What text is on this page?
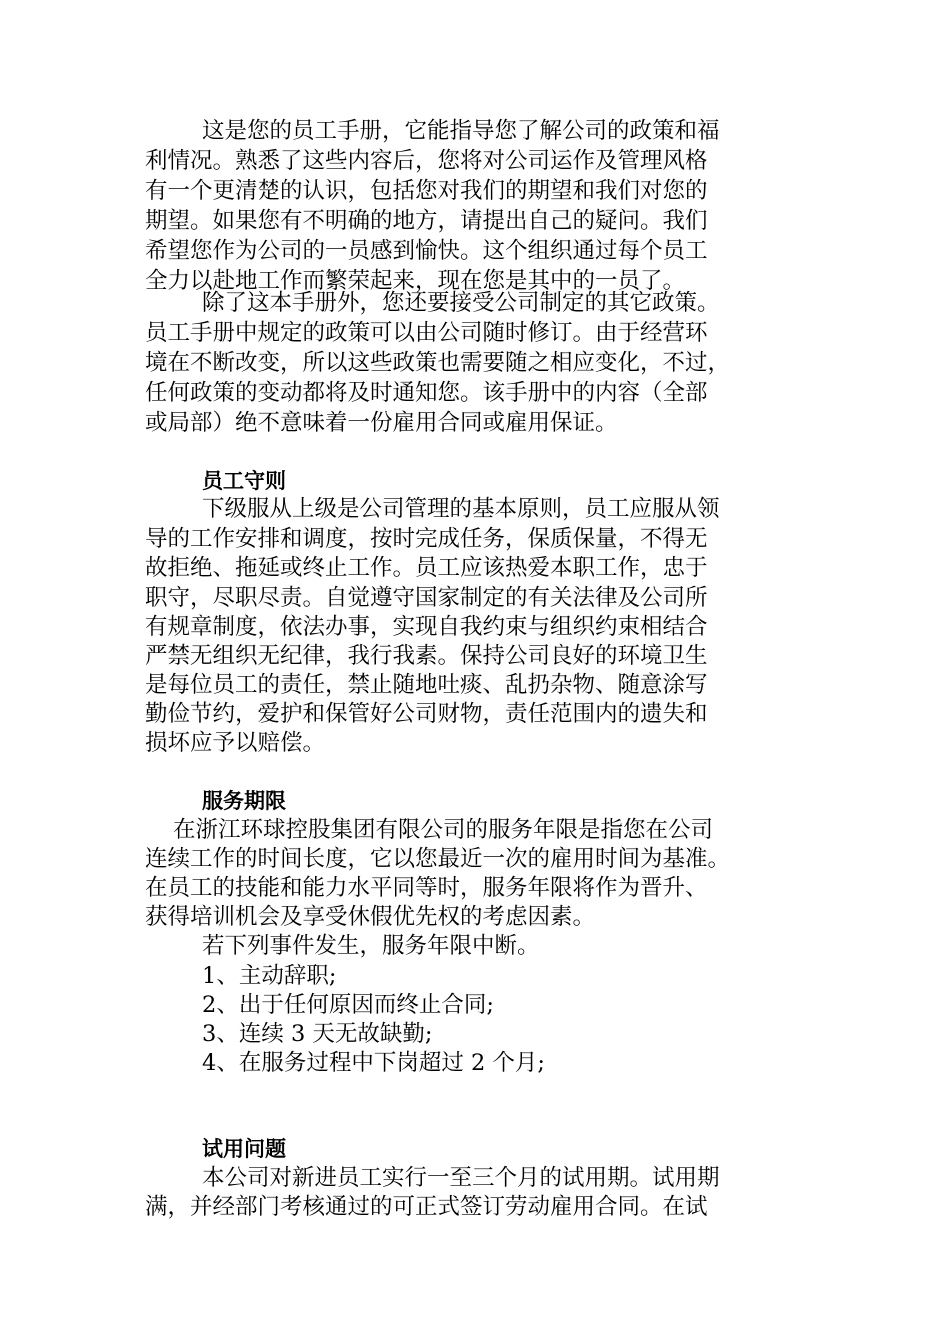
这是您的员工手册，它能指导您了解公司的政策和福
利情况。熟悉了这些内容后，您将对公司运作及管理风格
有一个更清楚的认识，包括您对我们的期望和我们对您的
期望。如果您有不明确的地方，请提出自己的疑问。我们
希望您作为公司的一员感到愉快。这个组织通过每个员工
全力以赴地工作而繁荣起来，现在您是其中的一员了。
除了这本手册外，您还要接受公司制定的其它政策。
员工手册中规定的政策可以由公司随时修订。由于经营环
境在不断改变，所以这些政策也需要随之相应变化，不过，
任何政策的变动都将及时通知您。该手册中的内容（全部
或局部）绝不意味着一份雇用合同或雇用保证。
员工守则
下级服从上级是公司管理的基本原则，员工应服从领
导的工作安排和调度，按时完成任务，保质保量，不得无
故拒绝、拖延或终止工作。员工应该热爱本职工作，忠于
职守，尽职尽责。自觉遵守国家制定的有关法律及公司所
有规章制度，依法办事，实现自我约束与组织约束相结合
严禁无组织无纪律，我行我素。保持公司良好的环境卫生
是每位员工的责任，禁止随地吐痰、乱扔杂物、随意涂写
勤俭节约，爱护和保管好公司财物，责任范围内的遗失和
损坏应予以赔偿。
服务期限
在浙江环球控股集团有限公司的服务年限是指您在公司
连续工作的时间长度，它以您最近一次的雇用时间为基准。
在员工的技能和能力水平同等时，服务年限将作为晋升、
获得培训机会及享受休假优先权的考虑因素。
若下列事件发生，服务年限中断。
1、主动辞职;
2、出于任何原因而终止合同;
3、连续 3 天无故缺勤;
4、在服务过程中下岗超过 2 个月;
试用问题
本公司对新进员工实行一至三个月的试用期。试用期
满，并经部门考核通过的可正式签订劳动雇用合同。在试
